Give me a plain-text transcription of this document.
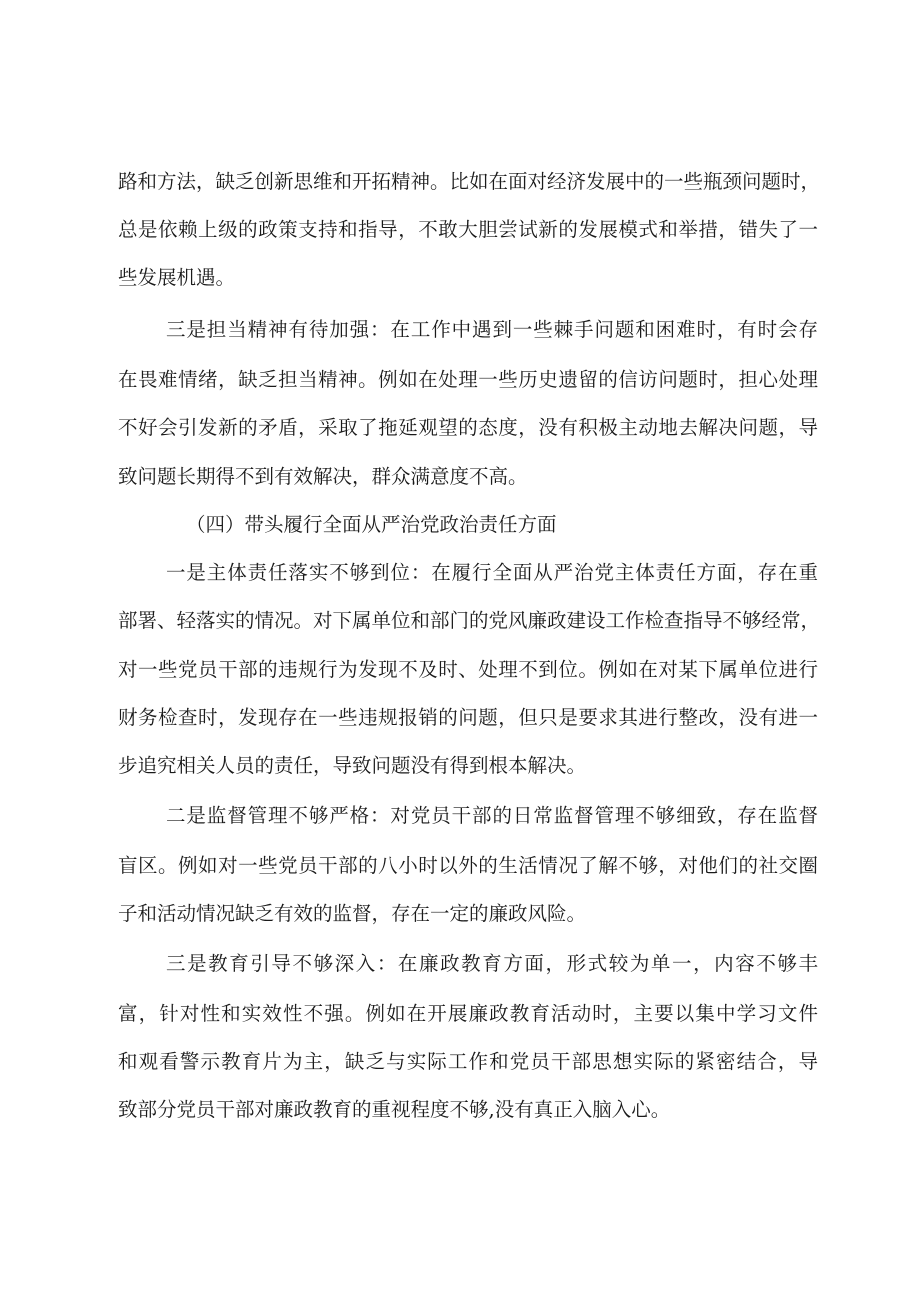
路和方法，缺乏创新思维和开拓精神。比如在面对经济发展中的一些瓶颈问题时，
总是依赖上级的政策支持和指导，不敢大胆尝试新的发展模式和举措，错失了一
些发展机遇。
三是担当精神有待加强：在工作中遇到一些棘手问题和困难时，有时会存
在畏难情绪，缺乏担当精神。例如在处理一些历史遗留的信访问题时，担心处理
不好会引发新的矛盾，采取了拖延观望的态度，没有积极主动地去解决问题，导
致问题长期得不到有效解决，群众满意度不高。
（四）带头履行全面从严治党政治责任方面
一是主体责任落实不够到位：在履行全面从严治党主体责任方面，存在重
部署、轻落实的情况。对下属单位和部门的党风廉政建设工作检查指导不够经常，
对一些党员干部的违规行为发现不及时、处理不到位。例如在对某下属单位进行
财务检查时，发现存在一些违规报销的问题，但只是要求其进行整改，没有进一
步追究相关人员的责任，导致问题没有得到根本解决。
二是监督管理不够严格：对党员干部的日常监督管理不够细致，存在监督
盲区。例如对一些党员干部的八小时以外的生活情况了解不够，对他们的社交圈
子和活动情况缺乏有效的监督，存在一定的廉政风险。
三是教育引导不够深入：在廉政教育方面，形式较为单一，内容不够丰
富，针对性和实效性不强。例如在开展廉政教育活动时，主要以集中学习文件
和观看警示教育片为主，缺乏与实际工作和党员干部思想实际的紧密结合，导
致部分党员干部对廉政教育的重视程度不够,没有真正入脑入心。
